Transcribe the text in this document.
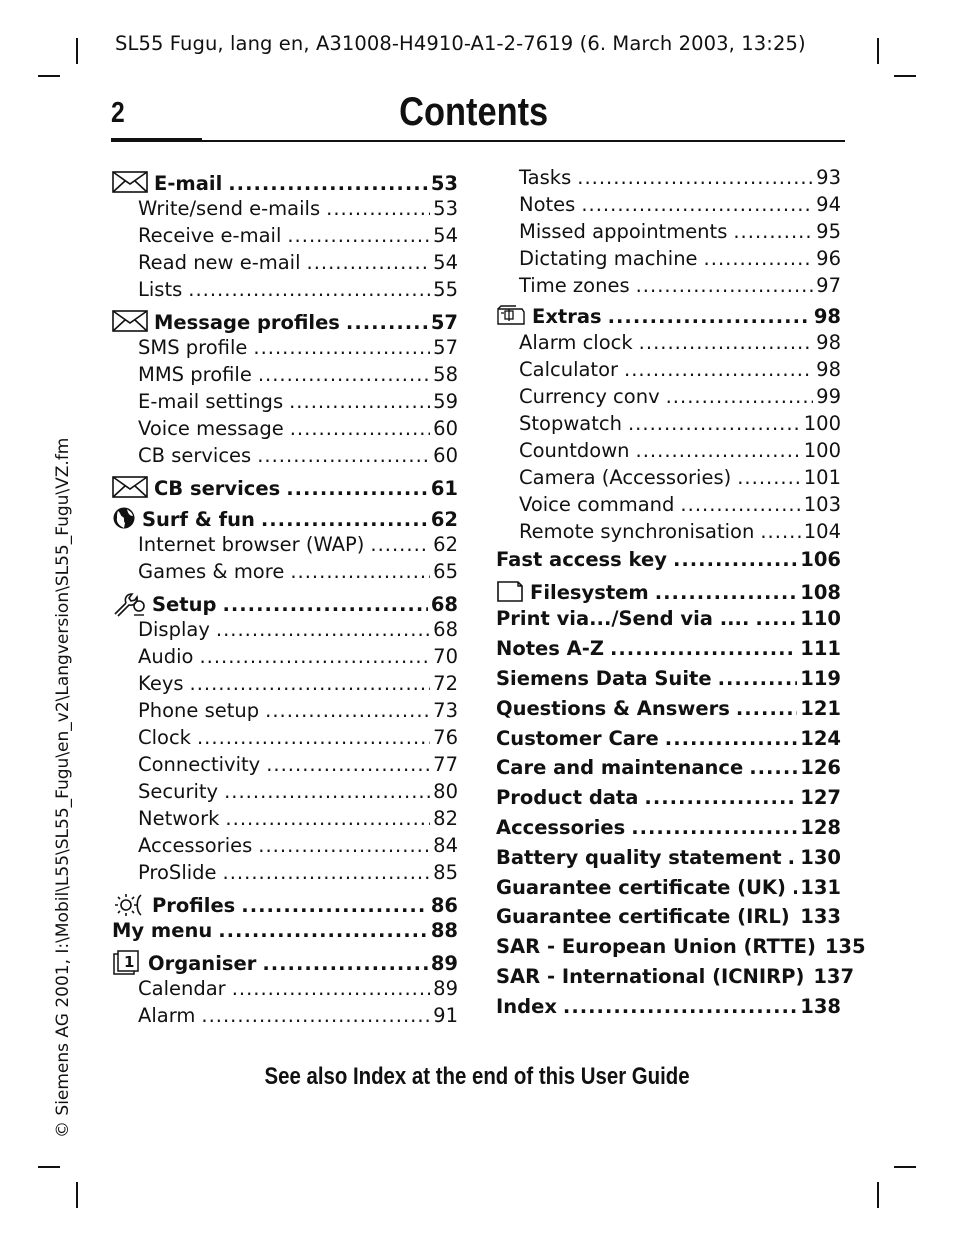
SL55 Fugu, lang en, A31008-H4910-A1-2-7619 (6. March 2003, 13:25)
2	Contents
© Siemens AG 2001, I:\Mobil\L55\SL55_Fugu\en_v2\Langversion\SL55_Fugu\VZ.fm
E-mail .....	53
Write/send e-mails .....	53
Receive e-mail .....	54
Read new e-mail .....	54
Lists .....	55
Message profiles .....	57
SMS profile .....	57
MMS profile .....	58
E-mail settings .....	59
Voice message .....	60
CB services .....	60
CB services .....	61
Surf & fun .....	62
Internet browser (WAP) .....	62
Games & more .....	65
Setup .....	68
Display .....	68
Audio .....	70
Keys .....	72
Phone setup .....	73
Clock .....	76
Connectivity .....	77
Security .....	80
Network .....	82
Accessories .....	84
ProSlide .....	85
Profiles .....	86
My menu .....	88
1 Organiser .....	89
Calendar .....	89
Alarm .....	91
Tasks .....	93
Notes .....	94
Missed appointments .....	95
Dictating machine .....	96
Time zones .....	97
Extras .....	98
Alarm clock .....	98
Calculator .....	98
Currency conv .....	99
Stopwatch .....	100
Countdown .....	100
Camera (Accessories) .....	101
Voice command .....	103
Remote synchronisation .....	104
Fast access key .....	106
Filesystem .....	108
Print via.../Send via .... .....	110
Notes A-Z .....	111
Siemens Data Suite .....	119
Questions & Answers .....	121
Customer Care .....	124
Care and maintenance .....	126
Product data .....	127
Accessories .....	128
Battery quality statement ..... 130
Guarantee certificate (UK) ..... 131
Guarantee certificate (IRL) ..... 133
SAR - European Union (RTTE) 135
SAR - International (ICNIRP) 137
Index .....	138
See also Index at the end of this User Guide
